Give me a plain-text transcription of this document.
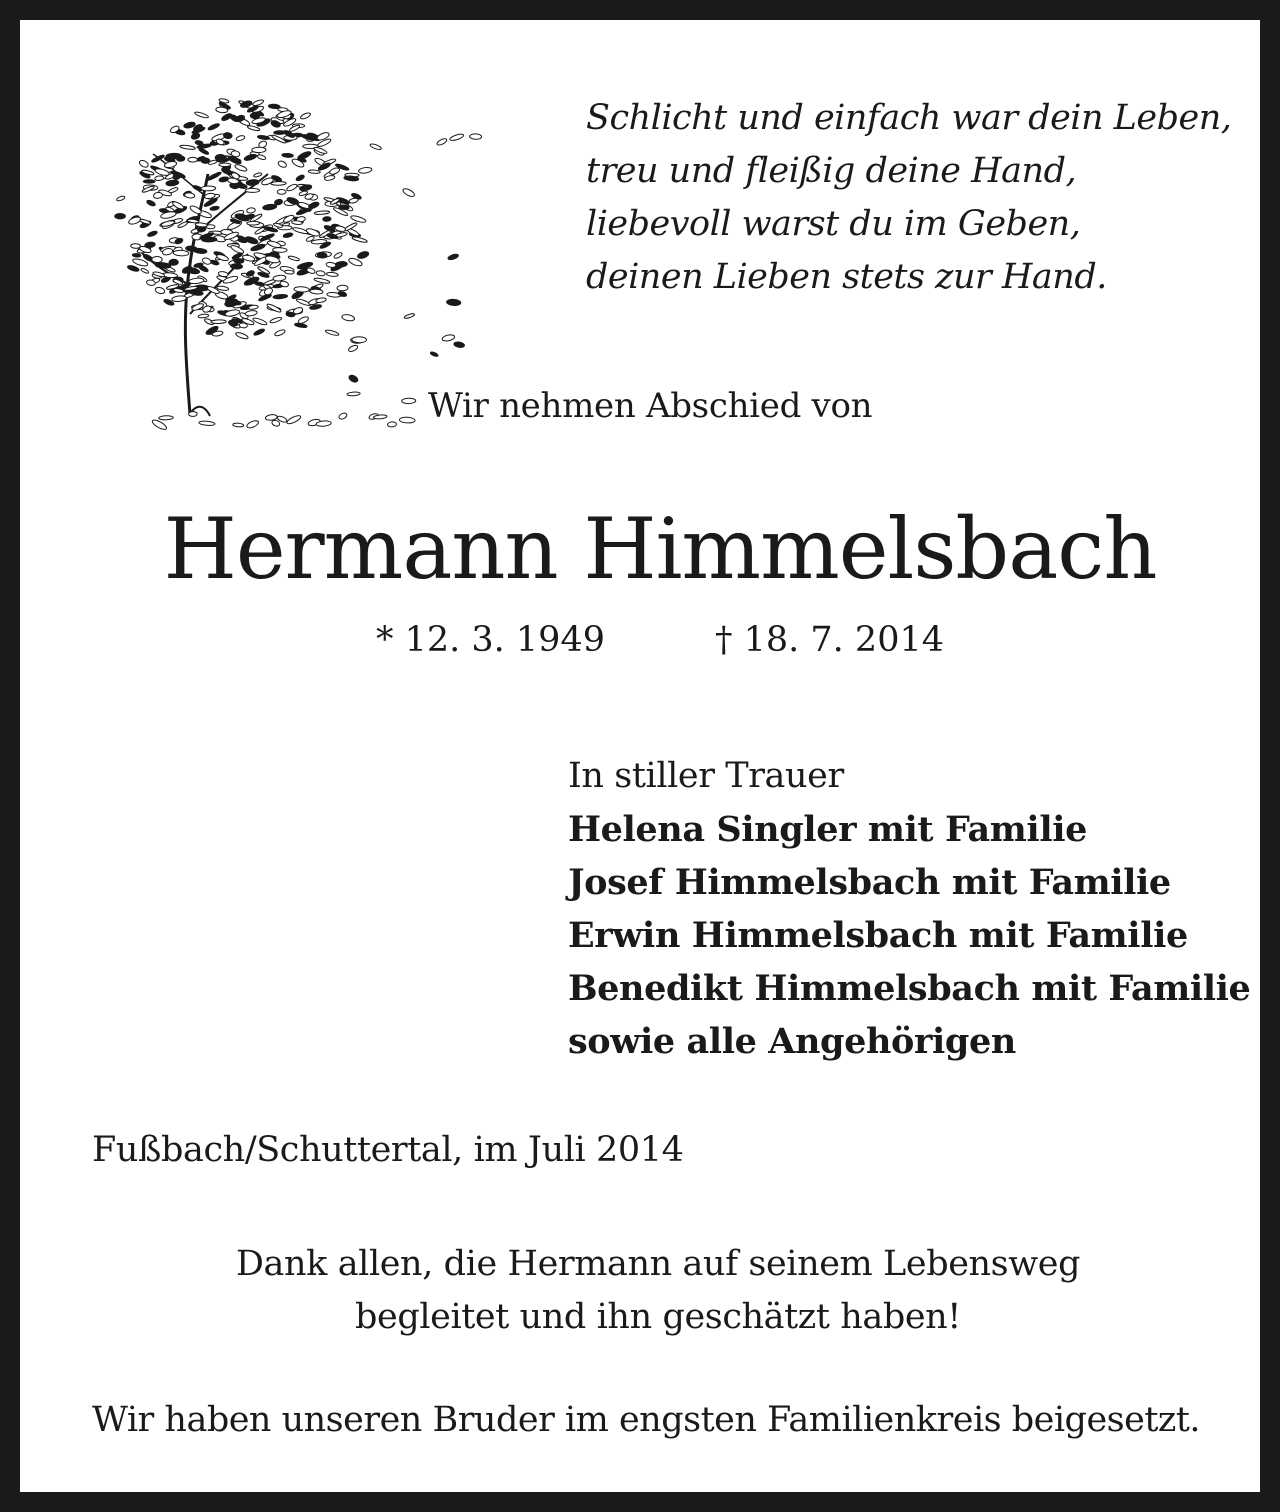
Schlicht und einfach war dein Leben,
treu und fleißig deine Hand,
liebevoll warst du im Geben,
deinen Lieben stets zur Hand.
Wir nehmen Abschied von
Hermann Himmelsbach
* 12. 3. 1949	† 18. 7. 2014
In stiller Trauer
Helena Singler mit Familie
Josef Himmelsbach mit Familie
Erwin Himmelsbach mit Familie
Benedikt Himmelsbach mit Familie
sowie alle Angehörigen
Fußbach/Schuttertal, im Juli 2014
Dank allen, die Hermann auf seinem Lebensweg
begleitet und ihn geschätzt haben!
Wir haben unseren Bruder im engsten Familienkreis beigesetzt.
